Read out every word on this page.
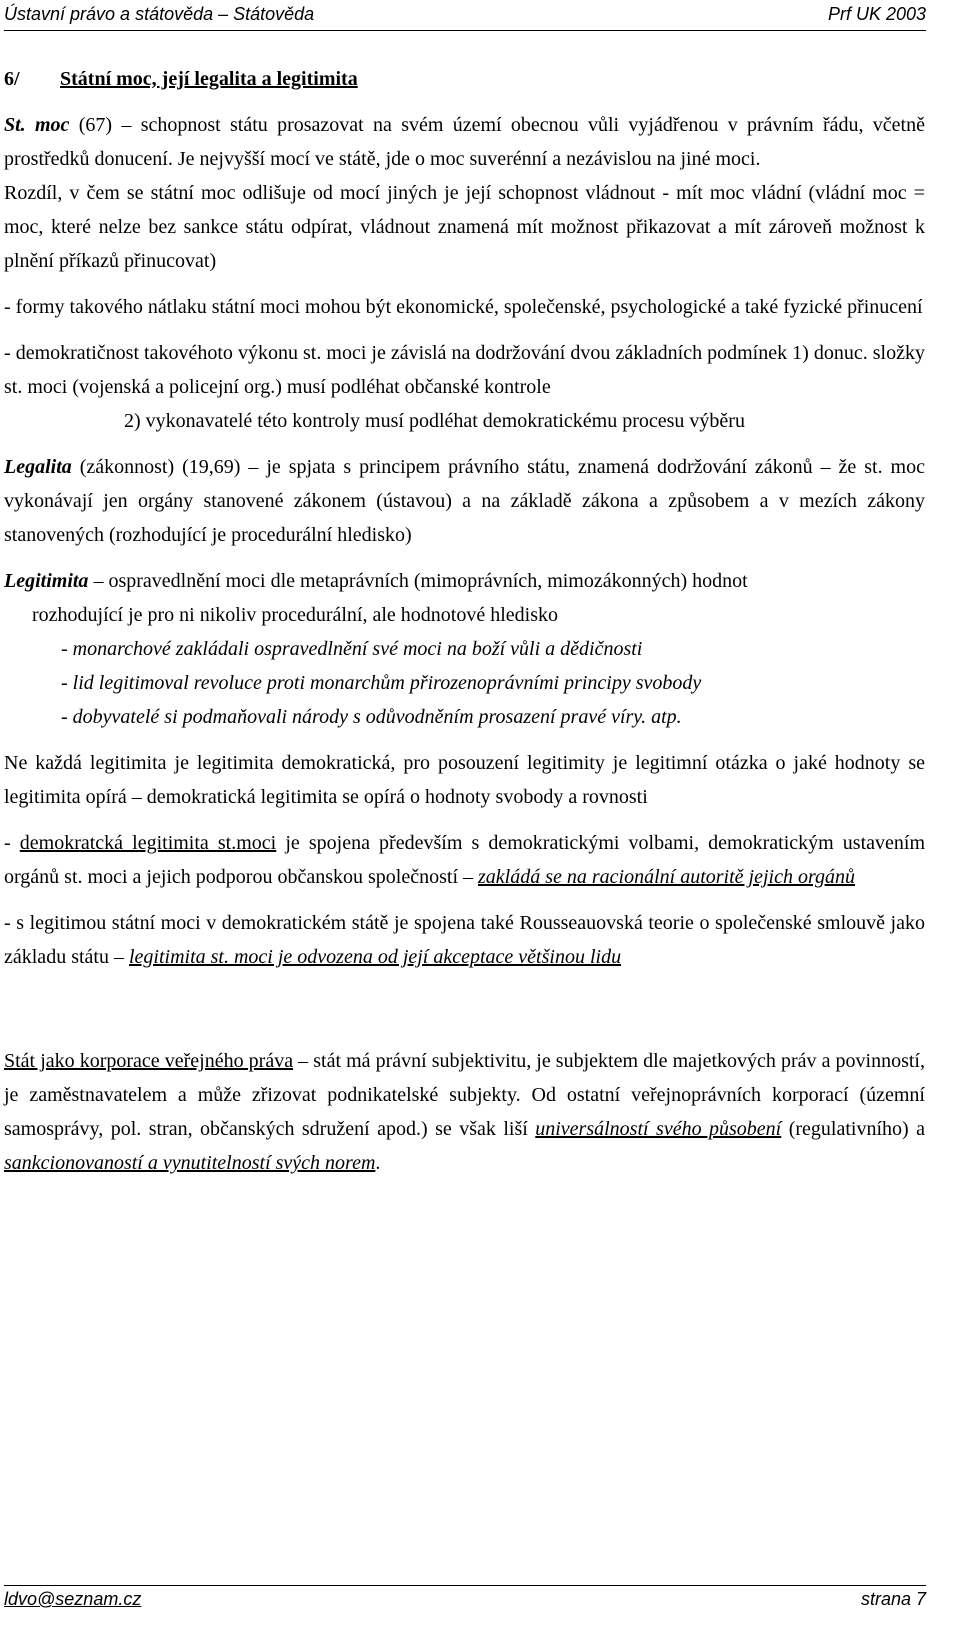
Ústavní právo a státověda – Státověda	Prf UK 2003

6/ Státní moc, její legalita a legitimita

St. moc (67) – schopnost státu prosazovat na svém území obecnou vůli vyjádřenou v právním řádu, včetně prostředků donucení. Je nejvyšší mocí ve státě, jde o moc suverénní a nezávislou na jiné moci.

Rozdíl, v čem se státní moc odlišuje od mocí jiných je její schopnost vládnout - mít moc vládní (vládní moc = moc, které nelze bez sankce státu odpírat, vládnout znamená mít možnost přikazovat a mít zároveň možnost k plnění příkazů přinucovat)

- formy takového nátlaku státní moci mohou být ekonomické, společenské, psychologické a také fyzické přinucení

- demokratičnost takovéhoto výkonu st. moci je závislá na dodržování dvou základních podmínek 1) donuc. složky st. moci (vojenská a policejní org.) musí podléhat občanské kontrole

2) vykonavatelé této kontroly musí podléhat demokratickému procesu výběru

Legalita (zákonnost) (19,69) – je spjata s principem právního státu, znamená dodržování zákonů – že st. moc vykonávají jen orgány stanovené zákonem (ústavou) a na základě zákona a způsobem a v mezích zákony stanovených (rozhodující je procedurální hledisko)

Legitimita – ospravedlnění moci dle metaprávních (mimoprávních, mimozákonných) hodnot

rozhodující je pro ni nikoliv procedurální, ale hodnotové hledisko

- monarchové zakládali ospravedlnění své moci na boží vůli a dědičnosti

- lid legitimoval revoluce proti monarchům přirozenoprávními principy svobody

- dobyvatelé si podmaňovali národy s odůvodněním prosazení pravé víry. atp.

Ne každá legitimita je legitimita demokratická, pro posouzení legitimity je legitimní otázka o jaké hodnoty se legitimita opírá – demokratická legitimita se opírá o hodnoty svobody a rovnosti

- demokratcká legitimita st.moci je spojena především s demokratickými volbami, demokratickým ustavením orgánů st. moci a jejich podporou občanskou společností – zakládá se na racionální autoritě jejich orgánů

- s legitimou státní moci v demokratickém státě je spojena také Rousseauovská teorie o společenské smlouvě jako základu státu – legitimita st. moci je odvozena od její akceptace většinou lidu

Stát jako korporace veřejného práva – stát má právní subjektivitu, je subjektem dle majetkových práv a povinností, je zaměstnavatelem a může zřizovat podnikatelské subjekty. Od ostatní veřejnoprávních korporací (územní samosprávy, pol. stran, občanských sdružení apod.) se však liší universálností svého působení (regulativního) a sankcionovaností a vynutitelností svých norem.

ldvo@seznam.cz	strana 7
